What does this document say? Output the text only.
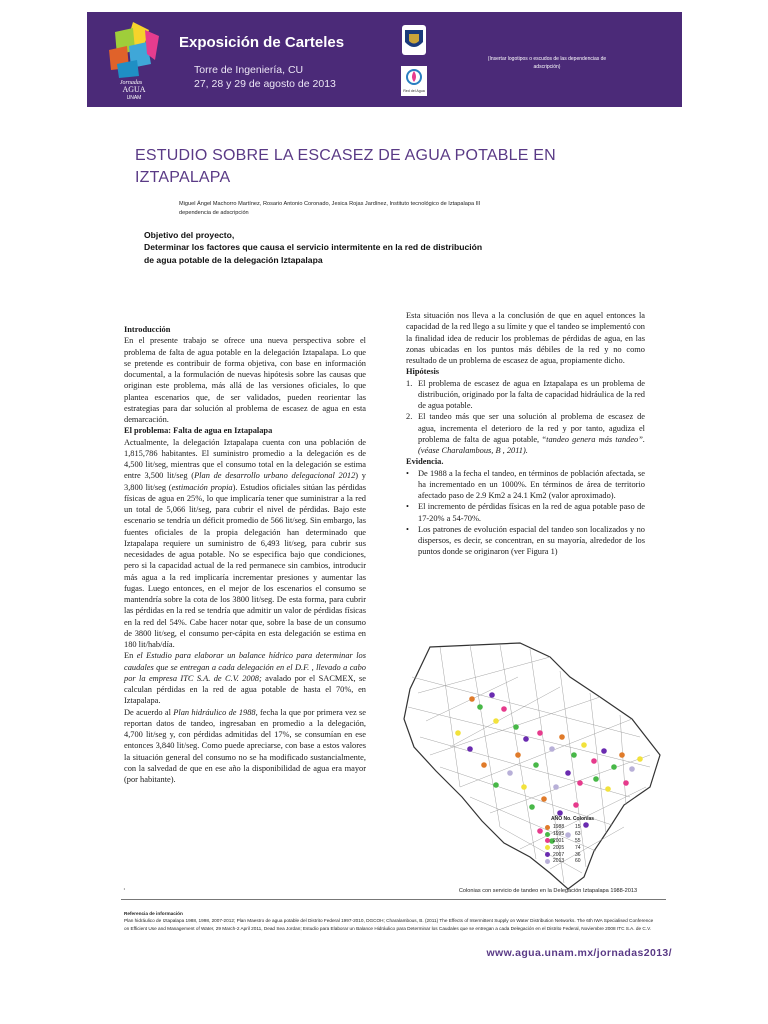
Jornadas
AGUA
UNAM
Exposición de Carteles
Torre de Ingeniería, CU
27, 28 y 29 de agosto de 2013
Red del Agua
(Insertar logotipos o escudos de las dependencias de adscripción)
ESTUDIO SOBRE LA ESCASEZ DE AGUA POTABLE EN IZTAPALAPA
Miguel Ángel Machorro Martínez, Rosario Antonio Coronado, Jesica Rojas Jardínez, Instituto tecnológico de Iztapalapa III
dependencia de adscripción
Objetivo del proyecto,
Determinar los factores que causa el servicio intermitente en la red de distribución
de agua potable de la delegación Iztapalapa

Introducción

En el presente trabajo se ofrece una nueva perspectiva sobre el problema de falta de agua potable en la delegación Iztapalapa. Lo que se pretende es contribuir de forma objetiva, con base en información documental, a la formulación de nuevas hipótesis sobre las causas que originan este problema, más allá de las versiones oficiales, lo que plantea escenarios que, de ser validados, pueden reorientar las estrategias para dar solución al problema de escasez de agua en esta demarcación.

El problema: Falta de agua en Iztapalapa

Actualmente, la delegación Iztapalapa cuenta con una población de 1,815,786 habitantes. El suministro promedio a la delegación es de 4,500 lit/seg, mientras que el consumo total en la delegación se estima entre 3,500 lit/seg (Plan de desarrollo urbano delegacional 2012) y 3,800 lit/seg (estimación propia). Estudios oficiales sitúan las pérdidas físicas de agua en 25%, lo que implicaría tener que suministrar a la red un total de 5,066 lit/seg, para cubrir el nivel de pérdidas. Bajo este escenario se tendría un déficit promedio de 566 lit/seg. Sin embargo, las fuentes oficiales de la propia delegación han determinado que Iztapalapa requiere un suministro de 6,493 lit/seg, para cubrir sus necesidades de agua potable. No se especifica bajo que condiciones, pero si la capacidad actual de la red permanece sin cambios, introducir más agua a la red implicaría incrementar presiones y aumentar las fugas. Luego entonces, en el mejor de los escenarios el consumo se mantendría sobre la cota de los 3800 lit/seg. De esta forma, para cubrir las pérdidas en la red se tendría que admitir un valor de pérdidas físicas en la red del 54%. Cabe hacer notar que, sobre la base de un consumo de 3800 lit/seg, el consumo per-cápita en esta delegación se estima en 180 lit/hab/día.

En el Estudio para elaborar un balance hídrico para determinar los caudales que se entregan a cada delegación en el D.F. , llevado a cabo por la empresa ITC S.A. de C.V. 2008; avalado por el SACMEX, se calculan pérdidas en la red de agua potable de hasta el 70%, en Iztapalapa.

De acuerdo al Plan hidráulico de 1988, fecha la que por primera vez se reportan datos de tandeo, ingresaban en promedio a la delegación, 4,700 lit/seg y, con pérdidas admitidas del 17%, se consumían en ese entonces 3,840 lit/seg. Como puede apreciarse, con base a estos valores la situación general del consumo no se ha modificado sustancialmente, con la salvedad de que en ese año la disponibilidad de agua era mayor (por habitante).

Esta situación nos lleva a la conclusión de que en aquel entonces la capacidad de la red llego a su límite y que el tandeo se implementó con la finalidad idea de reducir los problemas de pérdidas de agua, en las zonas ubicadas en los puntos más débiles de la red y no como resultado de un problema de escasez de agua, propiamente dicho.

Hipótesis

1. El problema de escasez de agua en Iztapalapa es un problema de distribución, originado por la falta de capacidad hidráulica de la red de agua potable.
2. El tandeo más que ser una solución al problema de escasez de agua, incrementa el deterioro de la red y por tanto, agudiza el problema de falta de agua potable, “tandeo genera más tandeo”. (véase Charalambous, B , 2011).

Evidencia.

• De 1988 a la fecha el tandeo, en términos de población afectada, se ha incrementado en un 1000%. En términos de área de territorio afectado paso de 2.9 Km2 a 24.1 Km2 (valor aproximado).
• El incremento de pérdidas físicas en la red de agua potable paso de 17-20% a 54-70%.
• Los patrones de evolución espacial del tandeo son localizados y no dispersos, es decir, se concentran, en su mayoría, alrededor de los puntos donde se originaron (ver Figura 1)
AÑO No. Colonias
1988	15
1995	63
2001	55
2005	74
2007	36
2013	60
Colonias con servicio de tandeo en la Delegación Iztapalapa 1988-2013
·
Referencia de información
Plan hidráulico de Iztapalapa 1988, 1998, 2007-2012; Plan Maestro de agua potable del Distrito Federal 1997-2010, DGCOH; Charalambous, B. (2011) The Effects of Intermittent Supply on Water Distribution Networks. The 6th IWA Specialised Conference on Efficient Use and Management of Water, 29 March-2 April 2011, Dead Sea Jordan; Estudio para Elaborar un Balance Hidráulico para Determinar los Caudales que se entregan a cada Delegación en el Distrito Federal, Noviembre 2008 ITC S.A. de C.V.
www.agua.unam.mx/jornadas2013/
